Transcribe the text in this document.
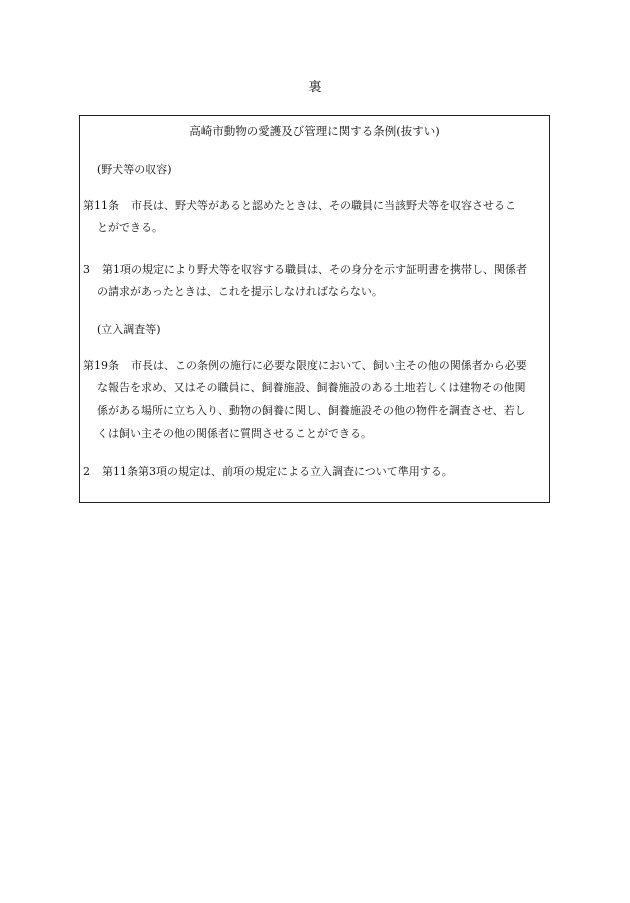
裏
高崎市動物の愛護及び管理に関する条例(抜すい)
(野犬等の収容)
第11条 市長は、野犬等があると認めたときは、その職員に当該野犬等を収容させるこ
とができる。
3 第1項の規定により野犬等を収容する職員は、その身分を示す証明書を携帯し、関係者
の請求があったときは、これを提示しなければならない。
(立入調査等)
第19条 市長は、この条例の施行に必要な限度において、飼い主その他の関係者から必要
な報告を求め、又はその職員に、飼養施設、飼養施設のある土地若しくは建物その他関
係がある場所に立ち入り、動物の飼養に関し、飼養施設その他の物件を調査させ、若し
くは飼い主その他の関係者に質問させることができる。
2 第11条第3項の規定は、前項の規定による立入調査について準用する。
